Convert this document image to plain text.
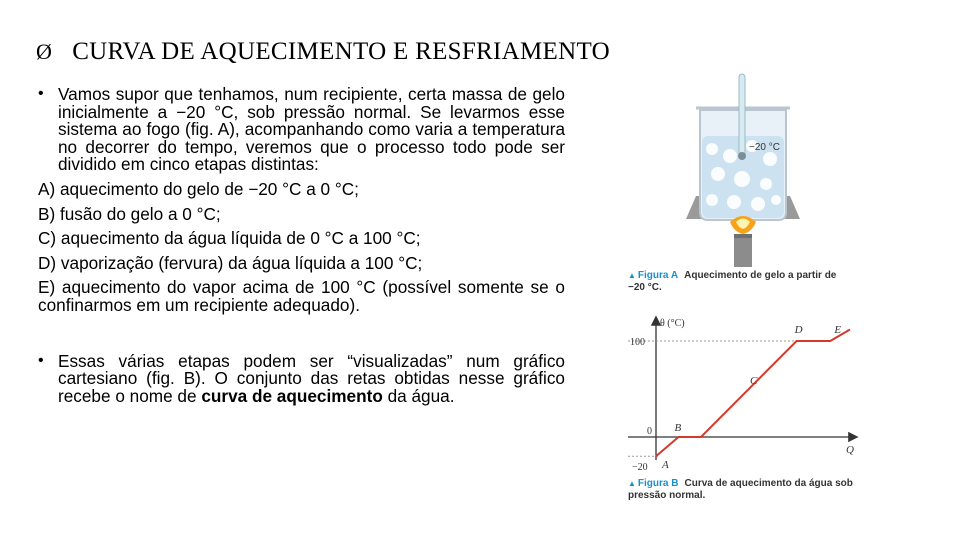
Ø CURVA DE AQUECIMENTO E RESFRIAMENTO
• Vamos supor que tenhamos, num recipiente, certa massa de gelo inicialmente a −20 °C, sob pressão normal. Se levarmos esse sistema ao fogo (fig. A), acompanhando como varia a temperatura no decorrer do tempo, veremos que o processo todo pode ser dividido em cinco etapas distintas:
A) aquecimento do gelo de −20 °C a 0 °C;
B) fusão do gelo a 0 °C;
C) aquecimento da água líquida de 0 °C a 100 °C;
D) vaporização (fervura) da água líquida a 100 °C;
E) aquecimento do vapor acima de 100 °C (possível somente se o confinarmos em um recipiente adequado).
• Essas várias etapas podem ser “visualizadas” num gráfico cartesiano (fig. B). O conjunto das retas obtidas nesse gráfico recebe o nome de curva de aquecimento da água.
−20 °C
▲ Figura A Aquecimento de gelo a partir de −20 °C.
θ (°C)
Q
100
0
−20 A
B
C
D	E
▲ Figura B Curva de aquecimento da água sob pressão normal.
